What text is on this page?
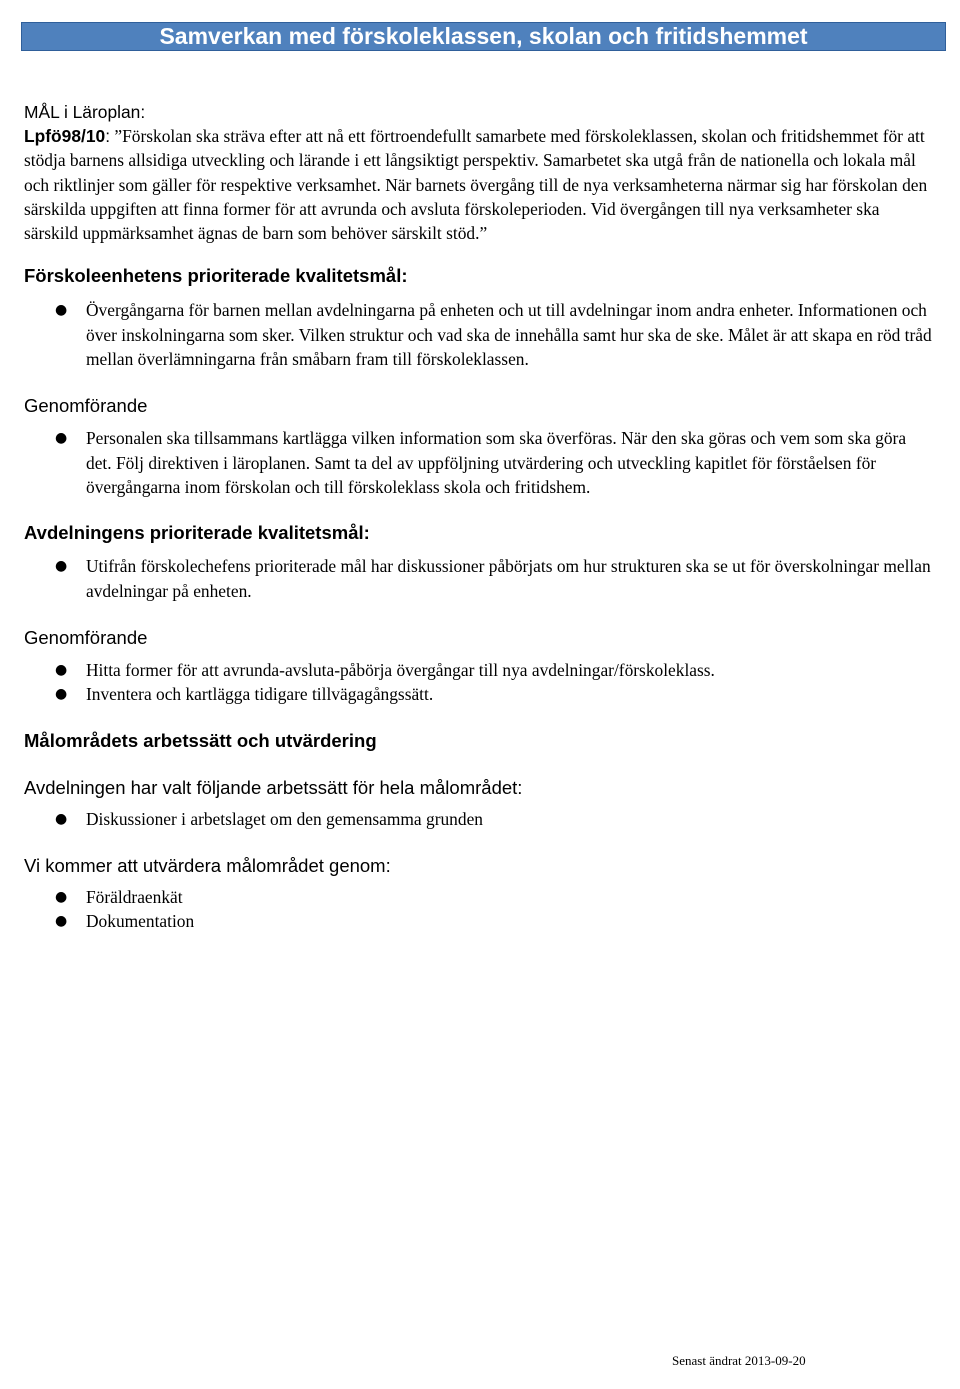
Samverkan med förskoleklassen, skolan och fritidshemmet

MÅL i Läroplan:

Lpfö98/10: ”Förskolan ska sträva efter att nå ett förtroendefullt samarbete med förskoleklassen, skolan och fritidshemmet för att stödja barnens allsidiga utveckling och lärande i ett långsiktigt perspektiv. Samarbetet ska utgå från de nationella och lokala mål och riktlinjer som gäller för respektive verksamhet. När barnets övergång till de nya verksamheterna närmar sig har förskolan den särskilda uppgiften att finna former för att avrunda och avsluta förskoleperioden. Vid övergången till nya verksamheter ska särskild uppmärksamhet ägnas de barn som behöver särskilt stöd.”

Förskoleenhetens prioriterade kvalitetsmål:

● Övergångarna för barnen mellan avdelningarna på enheten och ut till avdelningar inom andra enheter. Informationen och över inskolningarna som sker. Vilken struktur och vad ska de innehålla samt hur ska de ske. Målet är att skapa en röd tråd mellan överlämningarna från småbarn fram till förskoleklassen.

Genomförande

● Personalen ska tillsammans kartlägga vilken information som ska överföras. När den ska göras och vem som ska göra det. Följ direktiven i läroplanen. Samt ta del av uppföljning utvärdering och utveckling kapitlet för förståelsen för övergångarna inom förskolan och till förskoleklass skola och fritidshem.

Avdelningens prioriterade kvalitetsmål:

● Utifrån förskolechefens prioriterade mål har diskussioner påbörjats om hur strukturen ska se ut för överskolningar mellan avdelningar på enheten.

Genomförande

● Hitta former för att avrunda-avsluta-påbörja övergångar till nya avdelningar/förskoleklass.
● Inventera och kartlägga tidigare tillvägagångssätt.

Målområdets arbetssätt och utvärdering

Avdelningen har valt följande arbetssätt för hela målområdet:

● Diskussioner i arbetslaget om den gemensamma grunden

Vi kommer att utvärdera målområdet genom:

● Föräldraenkät
● Dokumentation
Senast ändrat 2013-09-20
